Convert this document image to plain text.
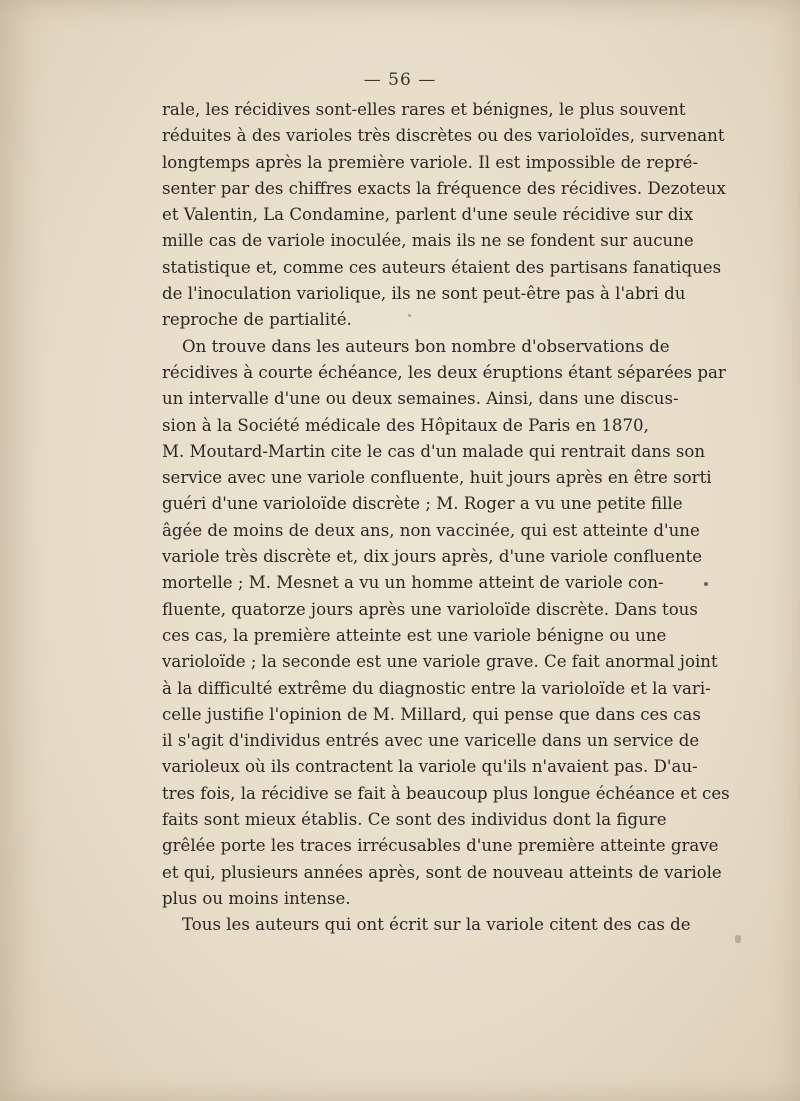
— 56 —

rale, les récidives sont-elles rares et bénignes, le plus souvent
réduites à des varioles très discrètes ou des varioloïdes, survenant
longtemps après la première variole. Il est impossible de repré-
senter par des chiffres exacts la fréquence des récidives. Dezoteux
et Valentin, La Condamine, parlent d'une seule récidive sur dix
mille cas de variole inoculée, mais ils ne se fondent sur aucune
statistique et, comme ces auteurs étaient des partisans fanatiques
de l'inoculation variolique, ils ne sont peut-être pas à l'abri du
reproche de partialité.

On trouve dans les auteurs bon nombre d'observations de
récidives à courte échéance, les deux éruptions étant séparées par
un intervalle d'une ou deux semaines. Ainsi, dans une discus-
sion à la Société médicale des Hôpitaux de Paris en 1870,
M. Moutard-Martin cite le cas d'un malade qui rentrait dans son
service avec une variole confluente, huit jours après en être sorti
guéri d'une varioloïde discrète ; M. Roger a vu une petite fille
âgée de moins de deux ans, non vaccinée, qui est atteinte d'une
variole très discrète et, dix jours après, d'une variole confluente
mortelle ; M. Mesnet a vu un homme atteint de variole con-
fluente, quatorze jours après une varioloïde discrète. Dans tous
ces cas, la première atteinte est une variole bénigne ou une
varioloïde ; la seconde est une variole grave. Ce fait anormal joint
à la difficulté extrême du diagnostic entre la varioloïde et la vari-
celle justifie l'opinion de M. Millard, qui pense que dans ces cas
il s'agit d'individus entrés avec une varicelle dans un service de
varioleux où ils contractent la variole qu'ils n'avaient pas. D'au-
tres fois, la récidive se fait à beaucoup plus longue échéance et ces
faits sont mieux établis. Ce sont des individus dont la figure
grêlée porte les traces irrécusables d'une première atteinte grave
et qui, plusieurs années après, sont de nouveau atteints de variole
plus ou moins intense.

Tous les auteurs qui ont écrit sur la variole citent des cas de
